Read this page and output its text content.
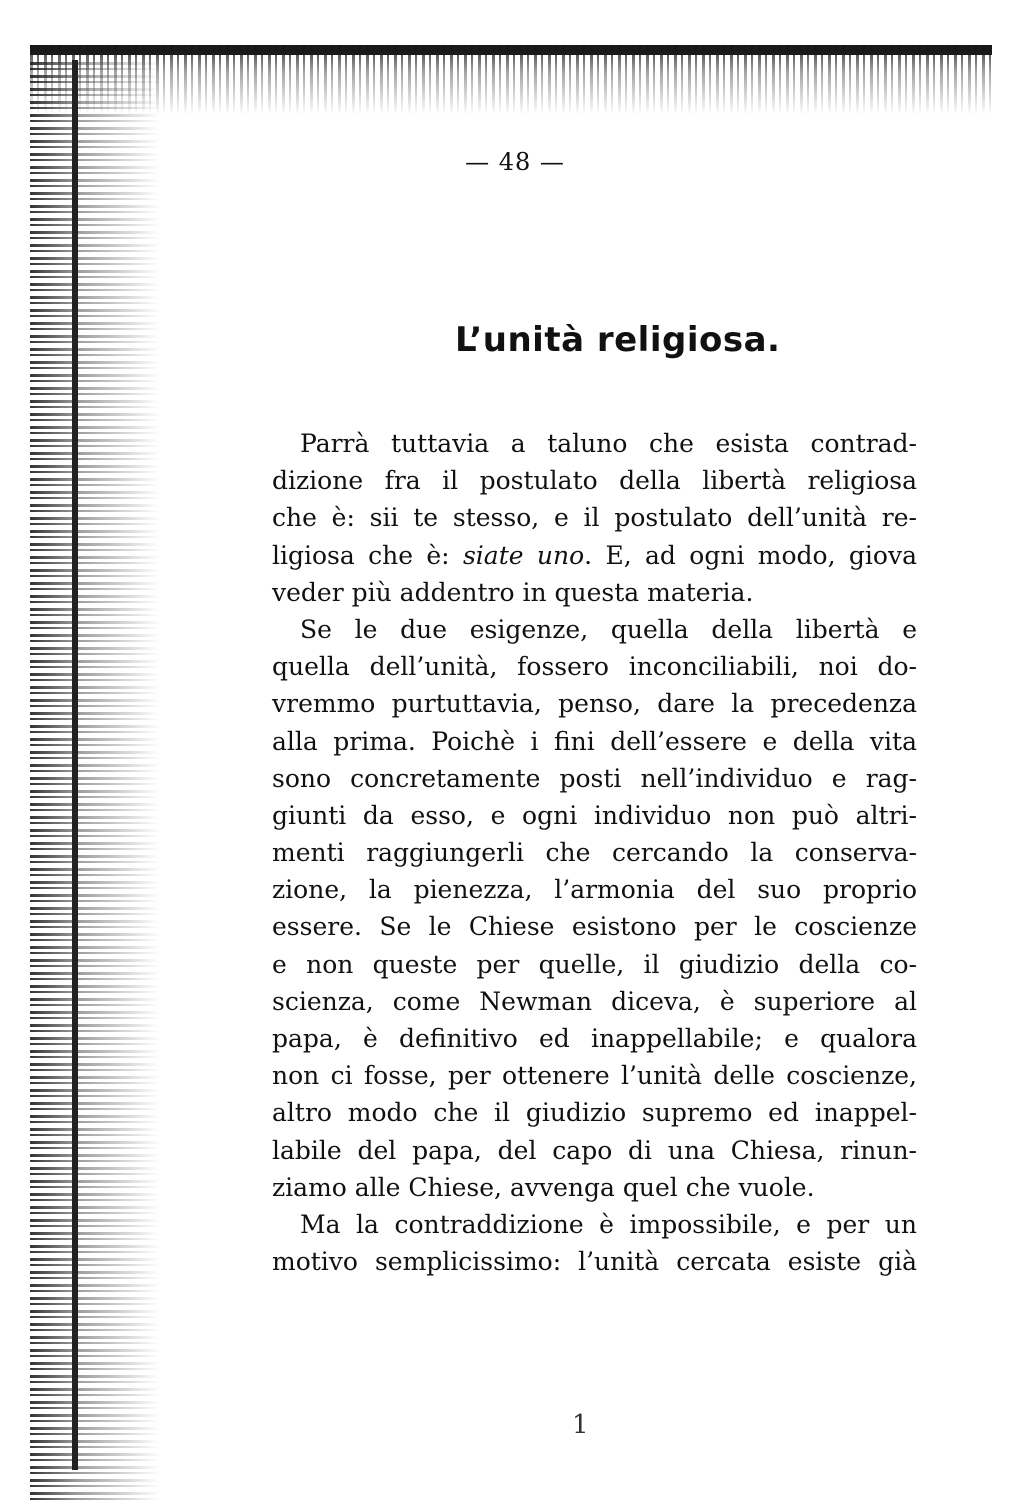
— 48 —
L’unità religiosa.
Parrà tuttavia a taluno che esista contrad-
dizione fra il postulato della libertà religiosa
che è: sii te stesso, e il postulato dell’unità re-
ligiosa che è: siate uno. E, ad ogni modo, giova
veder più addentro in questa materia.
Se le due esigenze, quella della libertà e
quella dell’unità, fossero inconciliabili, noi do-
vremmo purtuttavia, penso, dare la precedenza
alla prima. Poichè i fini dell’essere e della vita
sono concretamente posti nell’individuo e rag-
giunti da esso, e ogni individuo non può altri-
menti raggiungerli che cercando la conserva-
zione, la pienezza, l’armonia del suo proprio
essere. Se le Chiese esistono per le coscienze
e non queste per quelle, il giudizio della co-
scienza, come Newman diceva, è superiore al
papa, è definitivo ed inappellabile; e qualora
non ci fosse, per ottenere l’unità delle coscienze,
altro modo che il giudizio supremo ed inappel-
labile del papa, del capo di una Chiesa, rinun-
ziamo alle Chiese, avvenga quel che vuole.
Ma la contraddizione è impossibile, e per un
motivo semplicissimo: l’unità cercata esiste già
1
